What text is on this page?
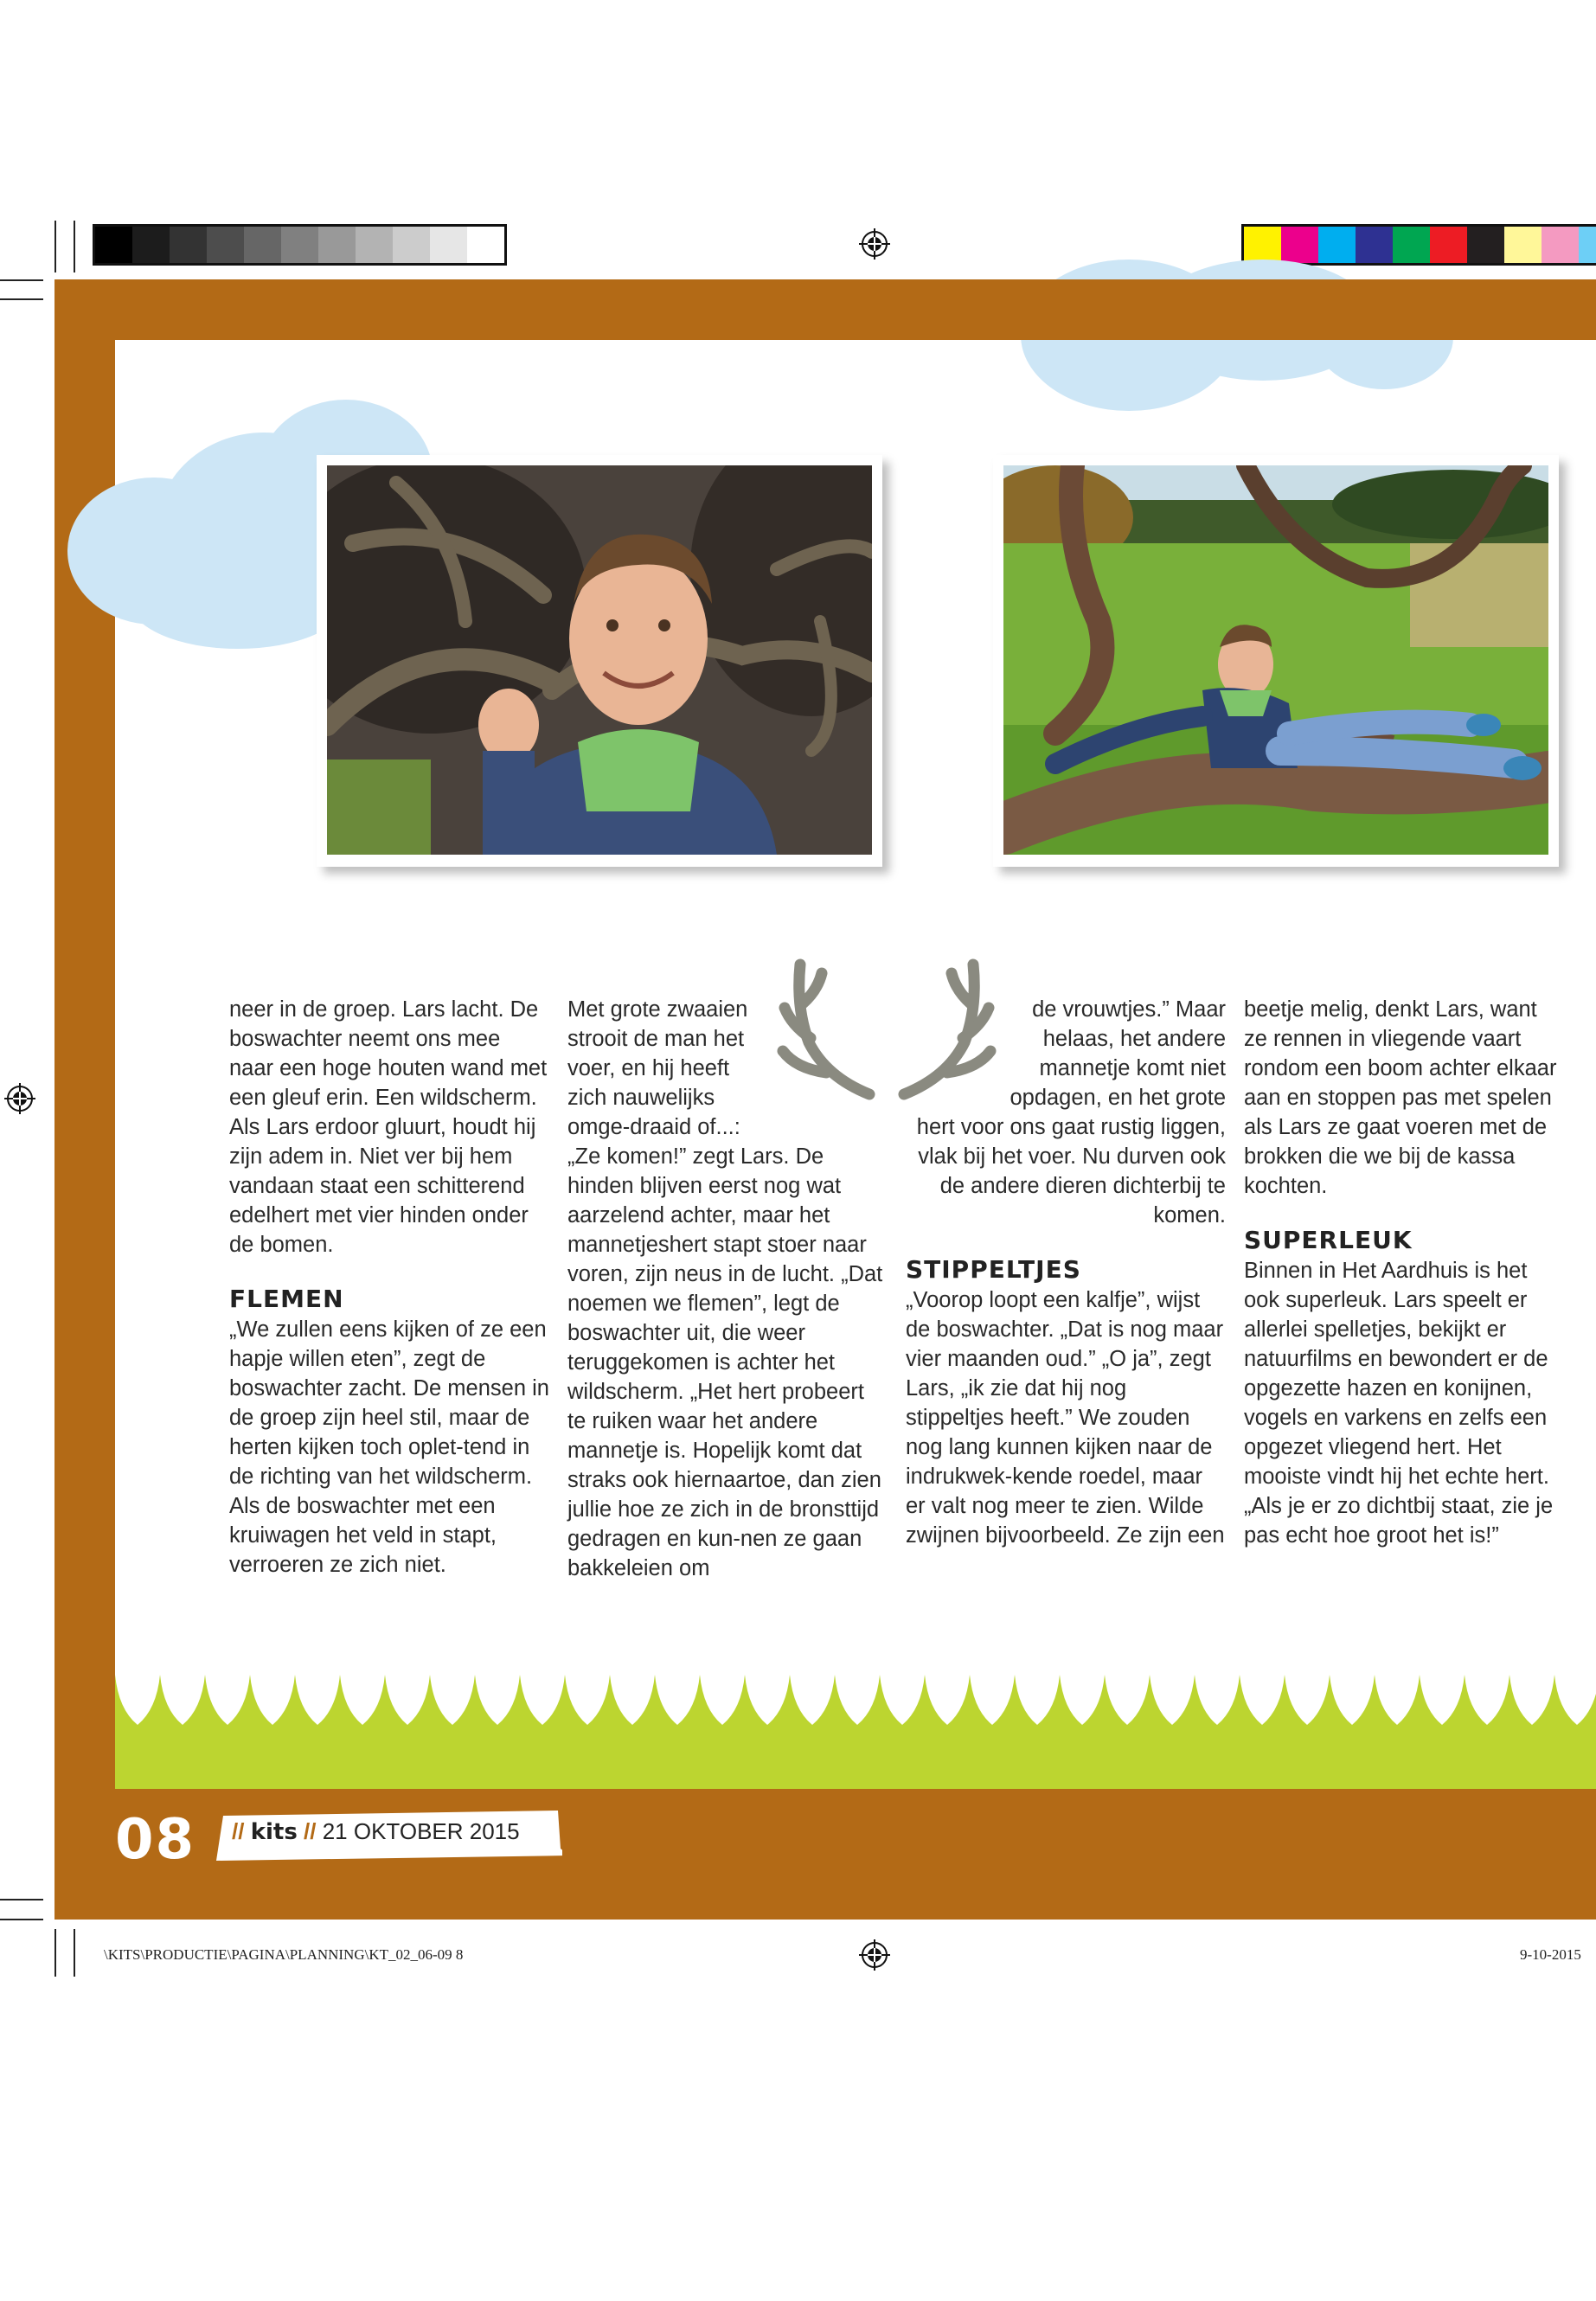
neer in de groep. Lars lacht. De boswachter neemt ons mee naar een hoge houten wand met een gleuf erin. Een wildscherm. Als Lars erdoor gluurt, houdt hij zijn adem in. Niet ver bij hem vandaan staat een schitterend edelhert met vier hinden onder de bomen.

FLEMEN

„We zullen eens kijken of ze een hapje willen eten”, zegt de boswachter zacht. De mensen in de groep zijn heel stil, maar de herten kijken toch oplet-tend in de richting van het wildscherm. Als de boswachter met een kruiwagen het veld in stapt, verroeren ze zich niet.

Met grote zwaaien strooit de man het voer, en hij heeft zich nauwelijks omge-draaid of...: „Ze komen!” zegt Lars. De hinden blijven eerst nog wat aarzelend achter, maar het mannetjeshert stapt stoer naar voren, zijn neus in de lucht. „Dat noemen we flemen”, legt de boswachter uit, die weer teruggekomen is achter het wildscherm. „Het hert probeert te ruiken waar het andere mannetje is. Hopelijk komt dat straks ook hiernaartoe, dan zien jullie hoe ze zich in de bronsttijd gedragen en kun-nen ze gaan bakkeleien om

de vrouwtjes.” Maar helaas, het andere mannetje komt niet opdagen, en het grote hert voor ons gaat rustig liggen, vlak bij het voer. Nu durven ook de andere dieren dichterbij te komen.

STIPPELTJES

„Voorop loopt een kalfje”, wijst de boswachter. „Dat is nog maar vier maanden oud.” „O ja”, zegt Lars, „ik zie dat hij nog stippeltjes heeft.” We zouden nog lang kunnen kijken naar de indrukwek-kende roedel, maar er valt nog meer te zien. Wilde zwijnen bijvoorbeeld. Ze zijn een

beetje melig, denkt Lars, want ze rennen in vliegende vaart rondom een boom achter elkaar aan en stoppen pas met spelen als Lars ze gaat voeren met de brokken die we bij de kassa kochten.

SUPERLEUK

Binnen in Het Aardhuis is het ook superleuk. Lars speelt er allerlei spelletjes, bekijkt er natuurfilms en bewondert er de opgezette hazen en konijnen, vogels en varkens en zelfs een opgezet vliegend hert. Het mooiste vindt hij het echte hert. „Als je er zo dichtbij staat, zie je pas echt hoe groot het is!”

08 // kits // 21 OKTOBER 2015
\KITS\PRODUCTIE\PAGINA\PLANNING\KT_02_06-09 8	9-10-2015
